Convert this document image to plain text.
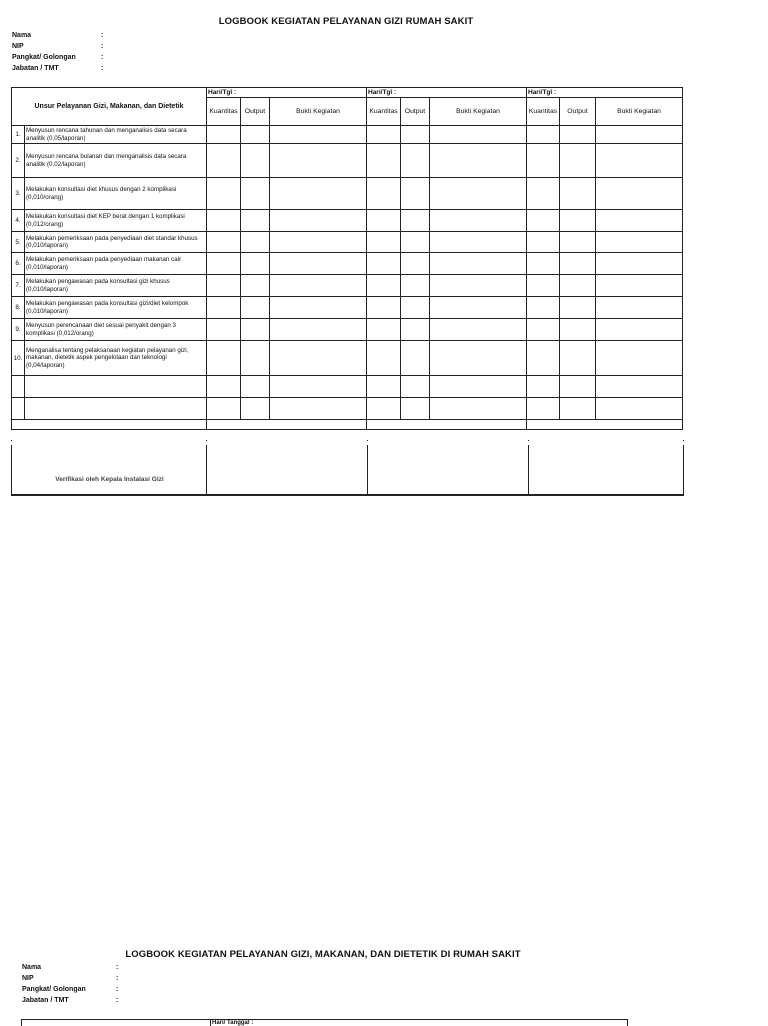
LOGBOOK KEGIATAN PELAYANAN GIZI RUMAH SAKIT
Nama	:
NIP	:
Pangkat/ Golongan	:
Jabatan / TMT	:
Unsur Pelayanan Gizi, Makanan, dan Dietetik		Hari/Tgl :			Hari/Tgl :			Hari/Tgl :		
		Kuantitas	Output	Bukti Kegiatan	Kuantitas	Output	Bukti Kegiatan	Kuantitas	Output	Bukti Kegiatan
1.	Menyusun rencana tahunan dan menganalisis data secara analitik (0,05/laporan)									
2.	Menyusun rencana bulanan dan menganalisis data secara analitik (0,02/laporan)									
3.	Melakukan konsultasi diet khusus dengan 2 komplikasi (0,010/orang)									
4.	Melakukan konsultasi diet KEP berat dengan 1 komplikasi (0,012/orang)									
5.	Melakukan pemeriksaan pada penyediaan diet standar khusus (0,010/laporan)									
6.	Melakukan pemeriksaan pada penyediaan makanan cair (0,010/laporan)									
7.	Melakukan pengawasan pada konsultasi gizi khusus (0,010/laporan)									
8.	Melakukan pengawasan pada konsultasi gizi/diet kelompok (0,010/laporan)									
9.	Menyusun perencanaan diet sesuai penyakit dengan 3 komplikasi (0,012/orang)									
10.	Menganalisa tentang pelaksanaan kegiatan pelayanan gizi, makanan, dietetik aspek pengelolaan dan teknologi (0,04/laporan)									

Verifikasi oleh Kepala Instalasi Gizi
LOGBOOK KEGIATAN PELAYANAN GIZI, MAKANAN, DAN DIETETIK DI RUMAH SAKIT
Nama	:
NIP	:
Pangkat/ Golongan	:
Jabatan / TMT	:
Hari/ Tanggal :
